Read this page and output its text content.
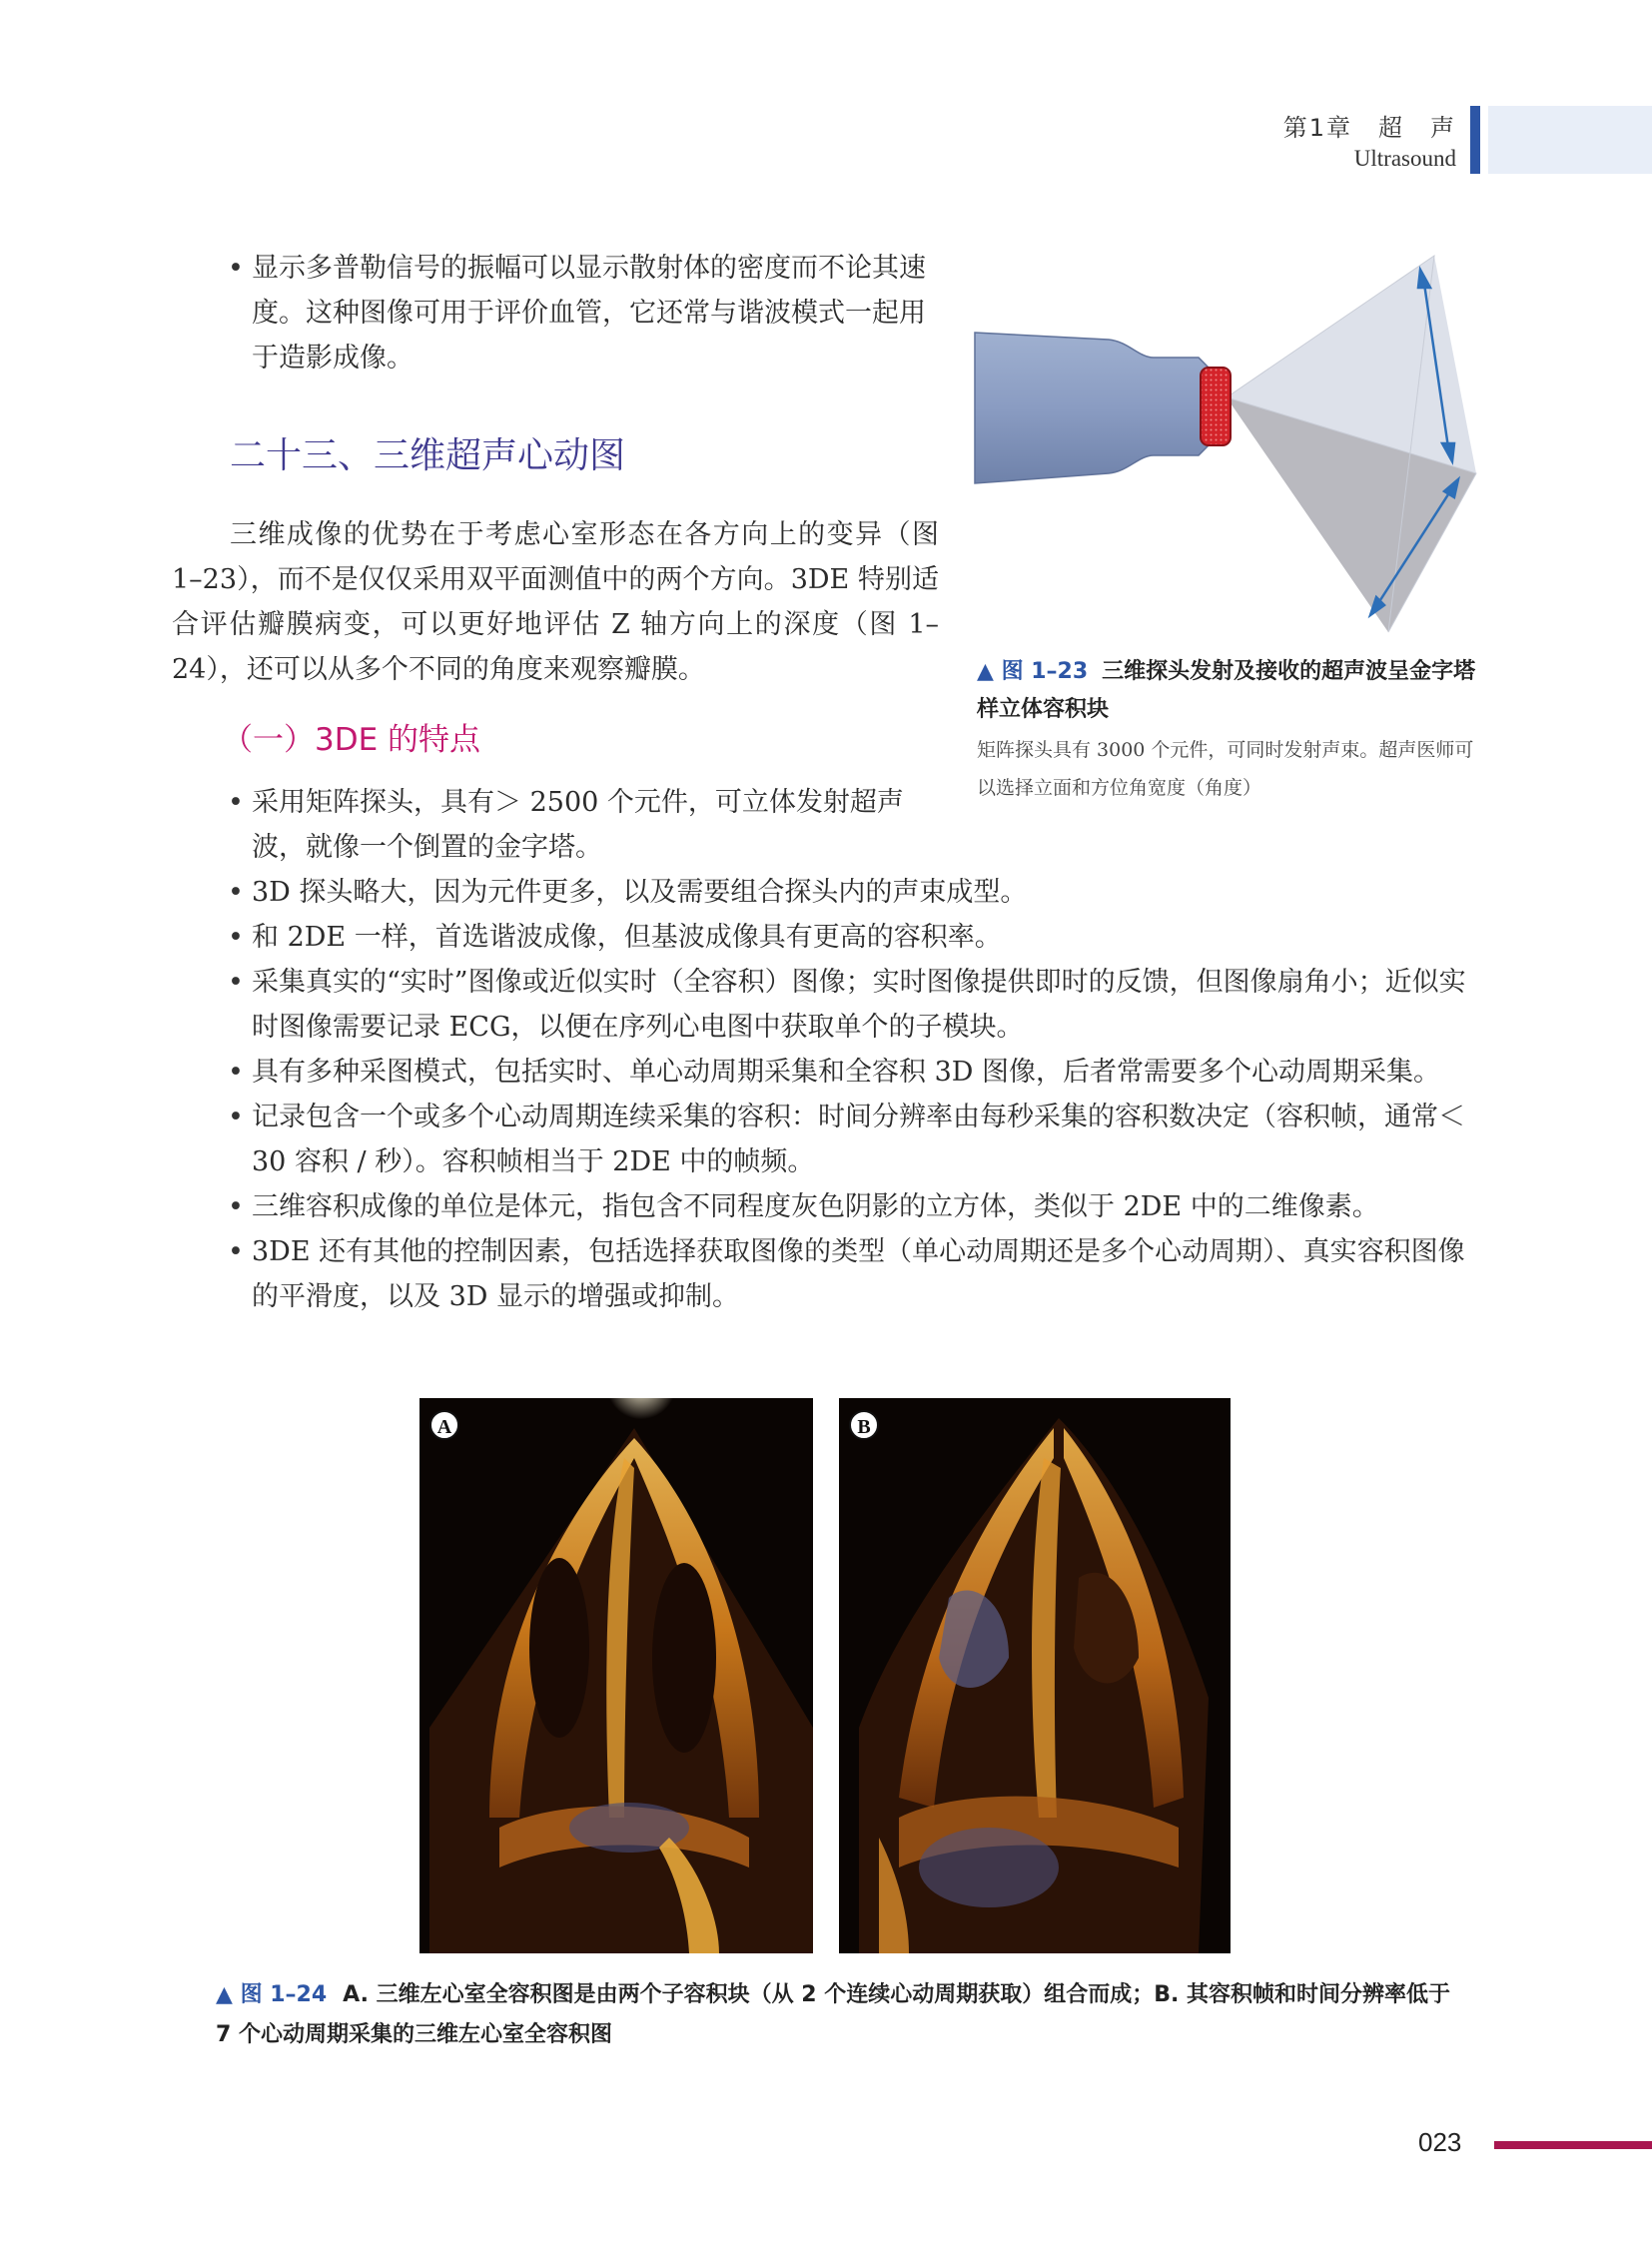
第1章　超　声
Ultrasound
• 显示多普勒信号的振幅可以显示散射体的密度而不论其速度。这种图像可用于评价血管，它还常与谐波模式一起用于造影成像。
二十三、三维超声心动图

三维成像的优势在于考虑心室形态在各方向上的变异（图 1–23），而不是仅仅采用双平面测值中的两个方向。3DE 特别适合评估瓣膜病变，可以更好地评估 Z 轴方向上的深度（图 1–24），还可以从多个不同的角度来观察瓣膜。

（一）3DE 的特点
• 采用矩阵探头，具有＞ 2500 个元件，可立体发射超声波，就像一个倒置的金字塔。
• 3D 探头略大，因为元件更多，以及需要组合探头内的声束成型。
• 和 2DE 一样，首选谐波成像，但基波成像具有更高的容积率。
• 采集真实的“实时”图像或近似实时（全容积）图像；实时图像提供即时的反馈，但图像扇角小；近似实时图像需要记录 ECG，以便在序列心电图中获取单个的子模块。
• 具有多种采图模式，包括实时、单心动周期采集和全容积 3D 图像，后者常需要多个心动周期采集。
• 记录包含一个或多个心动周期连续采集的容积：时间分辨率由每秒采集的容积数决定（容积帧，通常＜ 30 容积 / 秒）。容积帧相当于 2DE 中的帧频。
• 三维容积成像的单位是体元，指包含不同程度灰色阴影的立方体，类似于 2DE 中的二维像素。
• 3DE 还有其他的控制因素，包括选择获取图像的类型（单心动周期还是多个心动周期）、真实容积图像的平滑度，以及 3D 显示的增强或抑制。
▲ 图 1–23 三维探头发射及接收的超声波呈金字塔样立体容积块
矩阵探头具有 3000 个元件，可同时发射声束。超声医师可以选择立面和方位角宽度（角度）
A	B
▲ 图 1–24 A. 三维左心室全容积图是由两个子容积块（从 2 个连续心动周期获取）组合而成；B. 其容积帧和时间分辨率低于 7 个心动周期采集的三维左心室全容积图
023
